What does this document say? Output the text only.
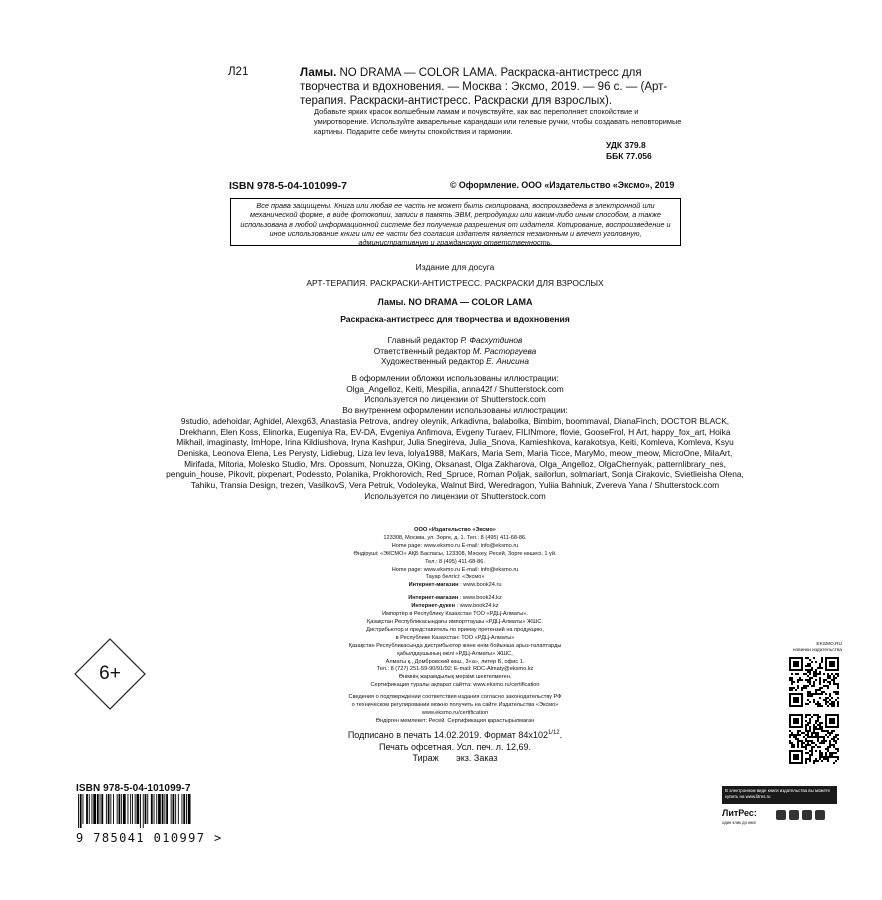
Л21	Ламы. NO DRAMA — COLOR LAMA. Раскраска-антистресс для творчества и вдохновения. — Москва : Эксмо, 2019. — 96 с. — (Арт-терапия. Раскраски-антистресс. Раскраски для взрослых).
Добавьте ярких красок волшебным ламам и почувствуйте, как вас переполняет спокойствие и умиротворение. Используйте акварельные карандаши или гелевые ручки, чтобы создавать неповторимые картины. Подарите себе минуты спокойствия и гармонии.
УДК 379.8
ББК 77.056
ISBN 978-5-04-101099-7	© Оформление. ООО «Издательство «Эксмо», 2019
Все права защищены. Книга или любая ее часть не может быть скопирована, воспроизведена в электронной или механической форме, в виде фотокопии, записи в память ЭВМ, репродукции или каким-либо иным способом, а также использована в любой информационной системе без получения разрешения от издателя. Копирование, воспроизведение и иное использование книги или ее части без согласия издателя является незаконным и влечет уголовную, административную и гражданскую ответственность.
Издание для досуга
АРТ-ТЕРАПИЯ. РАСКРАСКИ-АНТИСТРЕСС. РАСКРАСКИ ДЛЯ ВЗРОСЛЫХ
Ламы. NO DRAMA — COLOR LAMA
Раскраска-антистресс для творчества и вдохновения
Главный редактор Р. Фасхутдинов
Ответственный редактор М. Расторгуева
Художественный редактор Е. Анисина
В оформлении обложки использованы иллюстрации:
Olga_Angelloz, Keiti, Mespilia, anna42f / Shutterstock.com
Используется по лицензии от Shutterstock.com
Во внутреннем оформлении использованы иллюстрации:
9studio, adehoidar, Aghidel, Alexg63, Anastasia Petrova, andrey oleynik, Arkadivna, balabolka, Bimbim, boommaval, DianaFinch, DOCTOR BLACK, Drekhann, Elen Koss, Elinorka, Eugeniya Ra, EV-DA, Evgeniya Anfimova, Evgeny Turaev, FILINmore, flovie, GooseFrol, H Art, happy_fox_art, Hoika Mikhail, imaginasty, ImHope, Irina Kildiushova, Iryna Kashpur, Julia Snegireva, Julia_Snova, Kamieshkova, karakotsya, Keiti, Komleva, Komleva, Ksyu Deniska, Leonova Elena, Les Perysty, Lidiebug, Liza lev leva, lolya1988, MaKars, Maria Sem, Maria Ticce, MaryMo, meow_meow, MicroOne, MilaArt, Mirifada, Mitoria, Molesko Studio, Mrs. Opossum, Nonuzza, OKing, Oksanast, Olga Zakharova, Olga_Angelloz, OlgaChernyak, patternlibrary_nes, penguin_house, Pikovit, pixpenart, Podessto, Polanika, Prokhorovich, Red_Spruce, Roman Poljak, sailorlun, solmariart, Sonja Cirakovic, Svietlieisha Olena, Tahiku, Transia Design, trezen, VasilkovS, Vera Petruk, Vodoleyka, Walnut Bird, Weredragon, Yuliia Bahniuk, Zvereva Yana / Shutterstock.com
Используется по лицензии от Shutterstock.com
ООО «Издательство «Эксмо»
123308, Москва, ул. Зорге, д. 1. Тел.: 8 (495) 411-68-86.
Home page: www.eksmo.ru E-mail: info@eksmo.ru
Өндіруші: «ЭКСМО» АҚБ Баспасы, 123308, Мәскеу, Ресей, Зорге көшесі, 1 үй.
Тел.: 8 (495) 411-68-86.
Home page: www.eksmo.ru E-mail: info@eksmo.ru
Тауар белгісі: «Эксмо»
Интернет-магазин : www.book24.ru
Интернет-магазин : www.book24.kz
Интернет-дүкен : www.book24.kz
Импортёр в Республику Казахстан ТОО «РДЦ-Алматы».
Қазақстан Республикасындағы импорттаушы «РДЦ-Алматы» ЖШС.
Дистрибьютор и представитель по приему претензий на продукцию,
в Республике Казахстан: ТОО «РДЦ-Алматы»
Қазақстан Республикасында дистрибьютор және өнім бойынша арыз-талаптарды
қабылдаушының өкілі «РДЦ-Алматы» ЖШС,
Алматы қ., Домбровский көш., 3«а», литер Б, офис 1.
Тел.: 8 (727) 251-59-90/91/92; E-mail: RDC-Almaty@eksmo.kz
Өнімнің жарамдылық мерзімі шектелмеген.
Сертификация туралы ақпарат сайтта: www.eksmo.ru/certification
Сведения о подтверждении соответствия издания согласно законодательству РФ
о техническом регулировании можно получить на сайте Издательства «Эксмо»
www.eksmo.ru/certification
Өндірген мемлекет: Ресей. Сертификация қарастырылмаған
Подписано в печать 14.02.2019. Формат $84x102^{1/12}$.
Печать офсетная. Усл. печ. л. 12,69.
Тираж       экз. Заказ
6+
ISBN 978-5-04-101099-7
9 785041 010997 >
EKSMO.RU
новинки издательства
В электронном виде книги издательства вы можете купить на www.litres.ru
ЛитРес:
один клик до книг
